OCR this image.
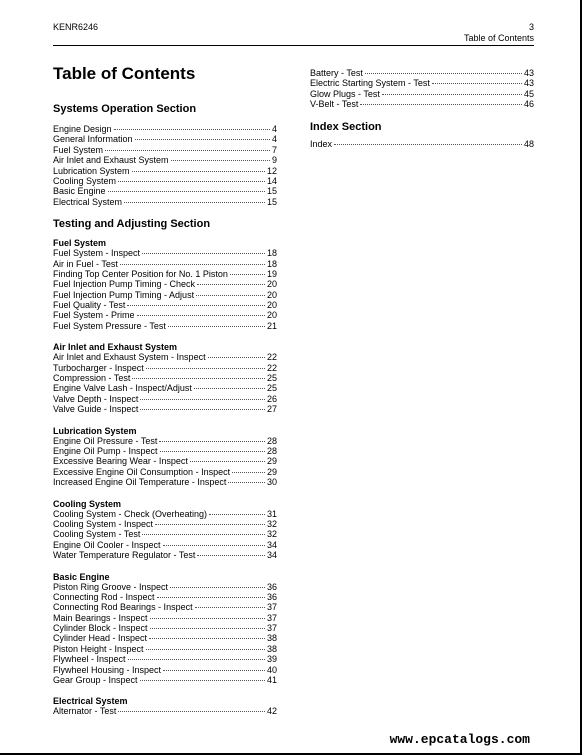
KENR6246	3
Table of Contents
Table of Contents
Systems Operation Section
Engine Design	4
General Information	4
Fuel System	7
Air Inlet and Exhaust System	9
Lubrication System	12
Cooling System	14
Basic Engine	15
Electrical System	15
Testing and Adjusting Section
Fuel System
Fuel System - Inspect	18
Air in Fuel - Test	18
Finding Top Center Position for No. 1 Piston	19
Fuel Injection Pump Timing - Check	20
Fuel Injection Pump Timing - Adjust	20
Fuel Quality - Test	20
Fuel System - Prime	20
Fuel System Pressure - Test	21
Air Inlet and Exhaust System
Air Inlet and Exhaust System - Inspect	22
Turbocharger - Inspect	22
Compression - Test	25
Engine Valve Lash - Inspect/Adjust	25
Valve Depth - Inspect	26
Valve Guide - Inspect	27
Lubrication System
Engine Oil Pressure - Test	28
Engine Oil Pump - Inspect	28
Excessive Bearing Wear - Inspect	29
Excessive Engine Oil Consumption - Inspect	29
Increased Engine Oil Temperature - Inspect	30
Cooling System
Cooling System - Check (Overheating)	31
Cooling System - Inspect	32
Cooling System - Test	32
Engine Oil Cooler - Inspect	34
Water Temperature Regulator - Test	34
Basic Engine
Piston Ring Groove - Inspect	36
Connecting Rod - Inspect	36
Connecting Rod Bearings - Inspect	37
Main Bearings - Inspect	37
Cylinder Block - Inspect	37
Cylinder Head - Inspect	38
Piston Height - Inspect	38
Flywheel - Inspect	39
Flywheel Housing - Inspect	40
Gear Group - Inspect	41
Electrical System
Alternator - Test	42
Battery - Test	43
Electric Starting System - Test	43
Glow Plugs - Test	45
V-Belt - Test	46
Index Section
Index	48
www.epcatalogs.com
